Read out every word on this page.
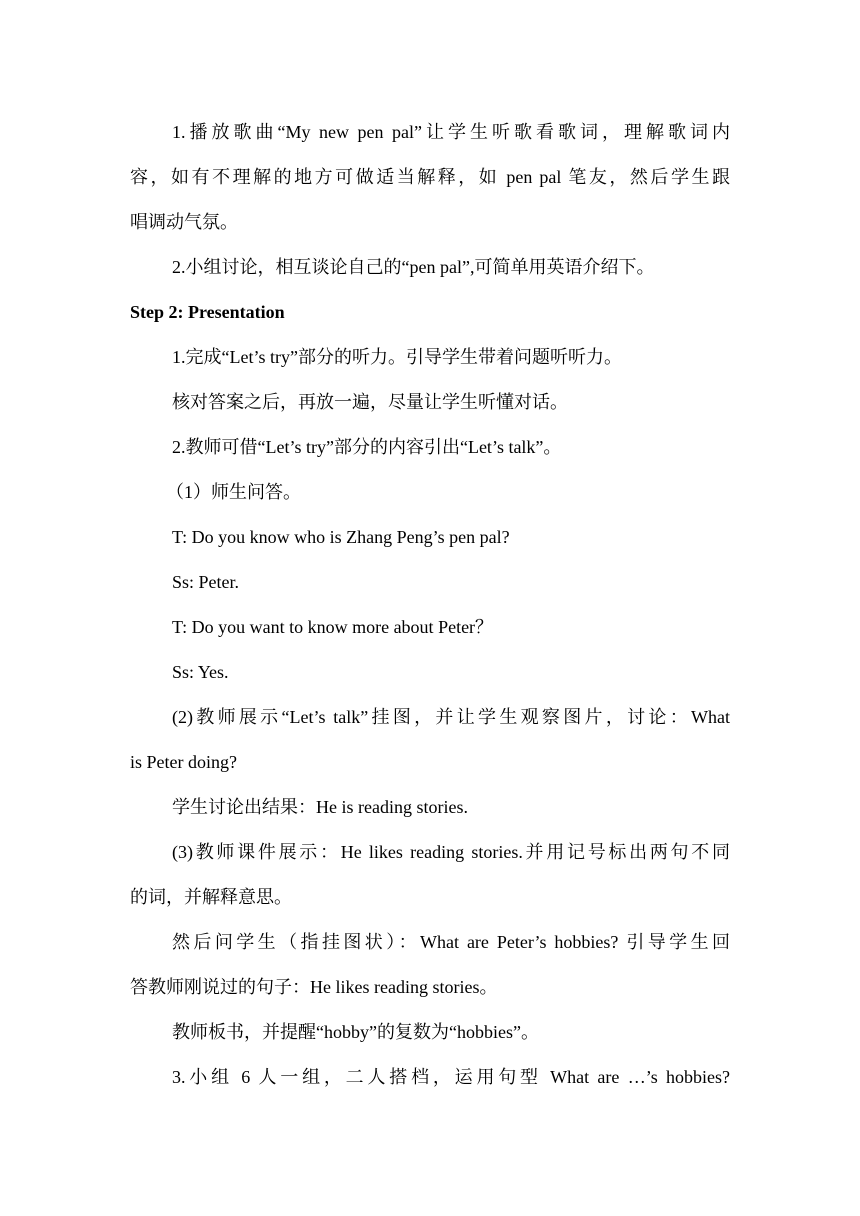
1.播放歌曲“My new pen pal”让学生听歌看歌词，理解歌词内
容，如有不理解的地方可做适当解释，如 pen pal 笔友，然后学生跟
唱调动气氛。
2.小组讨论，相互谈论自己的“pen pal”,可简单用英语介绍下。
Step 2: Presentation
1.完成“Let’s try”部分的听力。引导学生带着问题听听力。
核对答案之后，再放一遍，尽量让学生听懂对话。
2.教师可借“Let’s try”部分的内容引出“Let’s talk”。
（1）师生问答。
T: Do you know who is Zhang Peng’s pen pal?
Ss: Peter.
T: Do you want to know more about Peter？
Ss: Yes.
(2)教师展示“Let’s talk”挂图，并让学生观察图片，讨论：What
is Peter doing?
学生讨论出结果：He is reading stories.
(3)教师课件展示：He likes reading stories.并用记号标出两句不同
的词，并解释意思。
然后问学生（指挂图状）：What are Peter’s hobbies? 引导学生回
答教师刚说过的句子：He likes reading stories。
教师板书，并提醒“hobby”的复数为“hobbies”。
3.小组 6 人一组，二人搭档，运用句型 What are …’s hobbies?
